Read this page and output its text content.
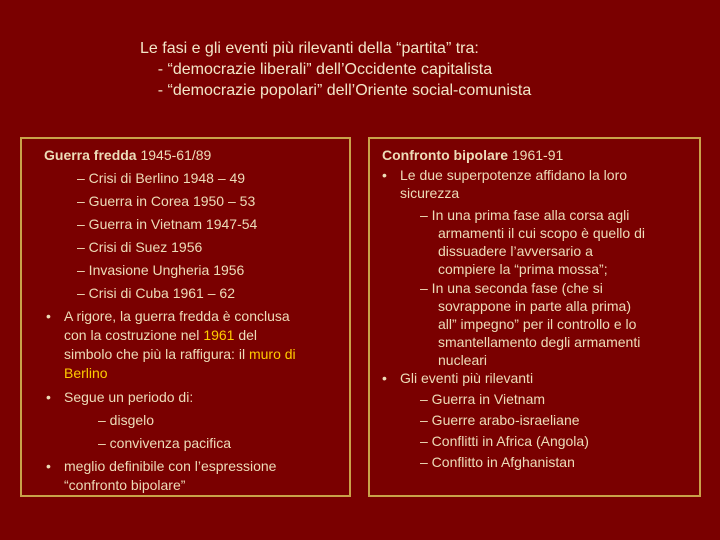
Le fasi e gli eventi più rilevanti della “partita” tra:
- “democrazie liberali” dell’Occidente capitalista
- “democrazie popolari” dell’Oriente social-comunista
Guerra fredda 1945-61/89
– Crisi di Berlino 1948 – 49
– Guerra in Corea 1950 – 53
– Guerra in Vietnam 1947-54
– Crisi di Suez 1956
– Invasione Ungheria 1956
– Crisi di Cuba 1961 – 62
• A rigore, la guerra fredda è conclusa
con la costruzione nel 1961 del
simbolo che più la raffigura: il muro di
Berlino
• Segue un periodo di:
– disgelo
– convivenza pacifica
• meglio definibile con l’espressione
“confronto bipolare”
Confronto bipolare 1961-91
• Le due superpotenze affidano la loro
sicurezza
– In una prima fase alla corsa agli
armamenti il cui scopo è quello di
dissuadere l’avversario a
compiere la “prima mossa”;
– In una seconda fase (che si
sovrappone in parte alla prima)
all” impegno” per il controllo e lo
smantellamento degli armamenti
nucleari
• Gli eventi più rilevanti
– Guerra in Vietnam
– Guerre arabo-israeliane
– Conflitti in Africa (Angola)
– Conflitto in Afghanistan
